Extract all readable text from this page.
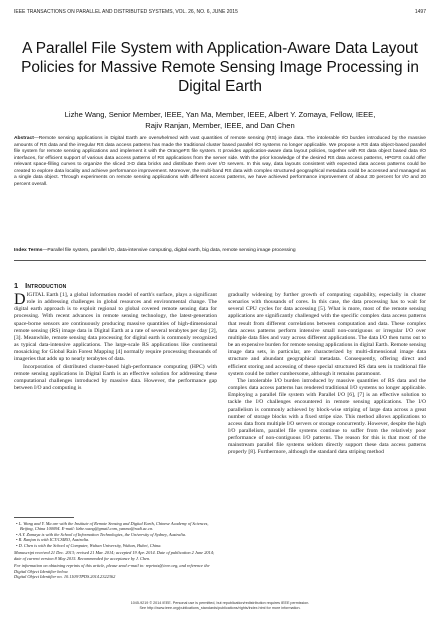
IEEE TRANSACTIONS ON PARALLEL AND DISTRIBUTED SYSTEMS, VOL. 26, NO. 6, JUNE 2015	1497
A Parallel File System with Application-Aware Data Layout Policies for Massive Remote Sensing Image Processing in Digital Earth
Lizhe Wang, Senior Member, IEEE, Yan Ma, Member, IEEE, Albert Y. Zomaya, Fellow, IEEE,
Rajiv Ranjan, Member, IEEE, and Dan Chen
Abstract—Remote sensing applications in Digital Earth are overwhelmed with vast quantities of remote sensing (RS) image data. The intolerable I/O burden introduced by the massive amounts of RS data and the irregular RS data access patterns has made the traditional cluster based parallel I/O systems no longer applicable. We propose a RS data object-based parallel file system for remote sensing applications and implement it with the OrangeFS file system. It provides application-aware data layout policies, together with RS data object based data I/O interfaces, for efficient support of various data access patterns of RS applications from the server side. With the prior knowledge of the desired RS data access patterns, HPGFS could offer relevant space-filling curves to organize the sliced 3-D data bricks and distribute them over I/O servers. In this way, data layouts consistent with expected data access patterns could be created to explore data locality and achieve performance improvement. Moreover, the multi-band RS data with complex structured geographical metadata could be accessed and managed as a single data object. Through experiments on remote sensing applications with different access patterns, we have achieved performance improvement of about 30 percent for I/O and 20 percent overall.
Index Terms—Parallel file system, parallel I/O, data-intensive computing, digital earth, big data, remote sensing image processing
1 Introduction

DIGITAL Earth [1], a global information model of earth's surface, plays a significant role in addressing challenges in global resources and environmental change. The digital earth approach is to exploit regional to global covered remote sensing data for processing. With recent advances in remote sensing technology, the latest-generation space-borne sensors are continuously producing massive quantities of high-dimensional remote sensing (RS) image data in Digital Earth at a rate of several terabytes per day [2], [3]. Meanwhile, remote sensing data processing for digital earth is commonly recognized as typical data-intensive applications. The large-scale RS applications like continental mosaicking for Global Rain Forest Mapping [4] normally require processing thousands of imageries that adds up to nearly terabytes of data.

Incorporation of distributed cluster-based high-performance computing (HPC) with remote sensing applications in Digital Earth is an effective solution for addressing these computational challenges introduced by massive data. However, the performance gap between I/O and computing is

• L. Wang and Y. Ma are with the Institute of Remote Sensing and Digital Earth, Chinese Academy of Sciences, Beijing, China 100094. E-mail: lizhe.wang@gmail.com, yanma@radi.ac.cn.

• A.Y. Zomaya is with the School of Information Technologies, the University of Sydney, Australia.

• R. Ranjan is with ICT/CSIRO, Australia.

• D. Chen is with the School of Computer, Wuhan University, Wuhan, Hubei, China.

Manuscript received 21 Dec. 2013; revised 21 Mar. 2014; accepted 19 Apr. 2014. Date of publication 2 June 2014; date of current version 8 May 2015. Recommended for acceptance by J. Chen.
For information on obtaining reprints of this article, please send e-mail to: reprints@ieee.org, and reference the Digital Object Identifier below.
Digital Object Identifier no. 10.1109/TPDS.2014.2322362

gradually widening by further growth of computing capability, especially in cluster scenarios with thousands of cores. In this case, the data processing has to wait for several CPU cycles for data accessing [5]. What is more, most of the remote sensing applications are significantly challenged with the specific complex data access patterns that result from different correlations between computation and data. These complex data access patterns perform intensive small non-contiguous or irregular I/O over multiple data files and vary across different applications. The data I/O then turns out to be an expensive burden for remote sensing applications in digital Earth. Remote sensing image data sets, in particular, are characterized by multi-dimensional image data structure and abundant geographical metadata. Consequently, offering direct and efficient storing and accessing of these special structured RS data sets in traditional file system could be rather cumbersome, although it remains paramount.

The intolerable I/O burden introduced by massive quantities of RS data and the complex data access patterns has rendered traditional I/O systems no longer applicable. Employing a parallel file system with Parallel I/O [6], [7] is an effective solution to tackle the I/O challenges encountered in remote sensing applications. The I/O parallelism is commonly achieved by block-wise striping of large data across a great number of storage blocks with a fixed stripe size. This method allows applications to access data from multiple I/O servers or storage concurrently. However, despite the high I/O parallelism, parallel file systems continue to suffer from the relatively poor performance of non-contiguous I/O patterns. The reason for this is that most of the mainstream parallel file systems seldom directly support these data access patterns properly [8]. Furthermore, although the standard data striping method

1045-9219 © 2014 IEEE. Personal use is permitted, but republication/redistribution requires IEEE permission.
See http://www.ieee.org/publications_standards/publications/rights/index.html for more information.
